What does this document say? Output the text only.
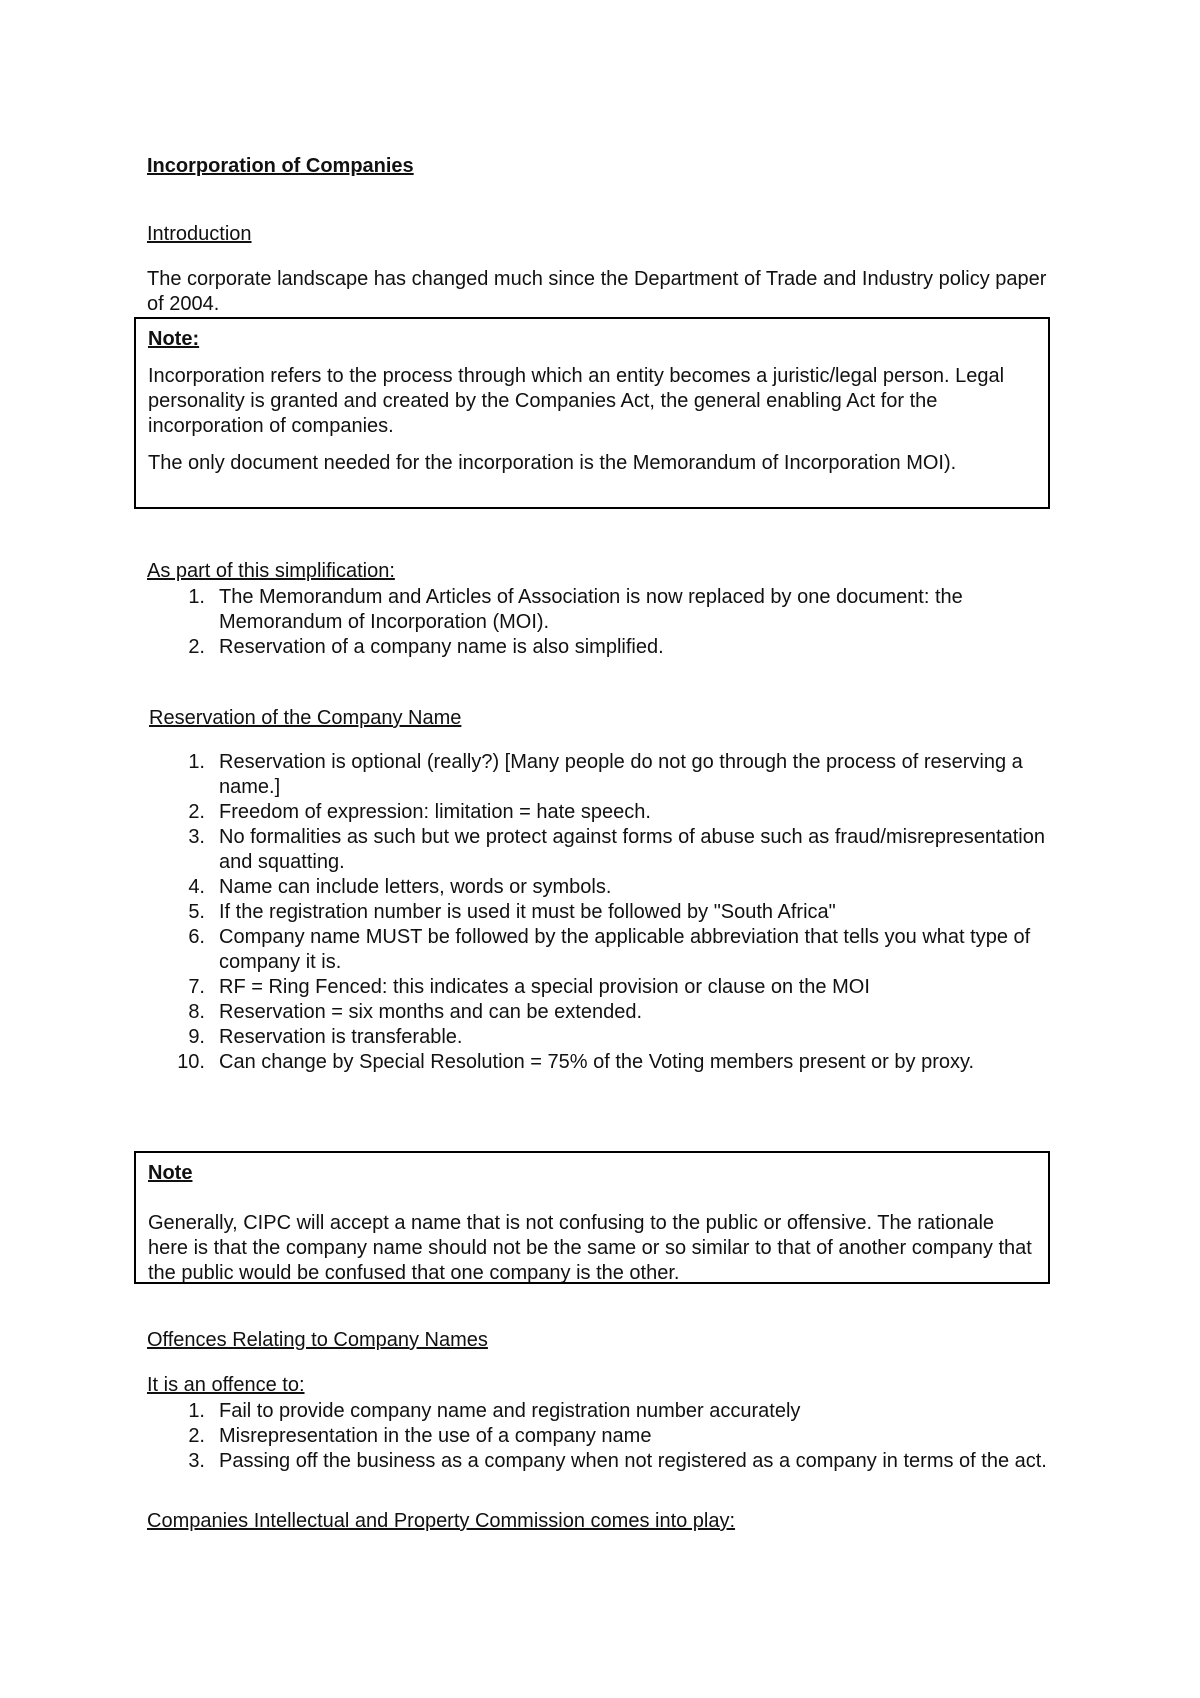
Incorporation of Companies

Introduction

The corporate landscape has changed much since the Department of Trade and Industry policy paper of 2004.

Note:

Incorporation refers to the process through which an entity becomes a juristic/legal person. Legal personality is granted and created by the Companies Act, the general enabling Act for the incorporation of companies.

The only document needed for the incorporation is the Memorandum of Incorporation MOI).

As part of this simplification:

1. The Memorandum and Articles of Association is now replaced by one document: the Memorandum of Incorporation (MOI).
2. Reservation of a company name is also simplified.

Reservation of the Company Name

1. Reservation is optional (really?) [Many people do not go through the process of reserving a name.]
2. Freedom of expression: limitation = hate speech.
3. No formalities as such but we protect against forms of abuse such as fraud/misrepresentation and squatting.
4. Name can include letters, words or symbols.
5. If the registration number is used it must be followed by "South Africa"
6. Company name MUST be followed by the applicable abbreviation that tells you what type of company it is.
7. RF = Ring Fenced: this indicates a special provision or clause on the MOI
8. Reservation = six months and can be extended.
9. Reservation is transferable.
10. Can change by Special Resolution = 75% of the Voting members present or by proxy.

Note

Generally, CIPC will accept a name that is not confusing to the public or offensive. The rationale here is that the company name should not be the same or so similar to that of another company that the public would be confused that one company is the other.

Offences Relating to Company Names

It is an offence to:

1. Fail to provide company name and registration number accurately
2. Misrepresentation in the use of a company name
3. Passing off the business as a company when not registered as a company in terms of the act.

Companies Intellectual and Property Commission comes into play:
